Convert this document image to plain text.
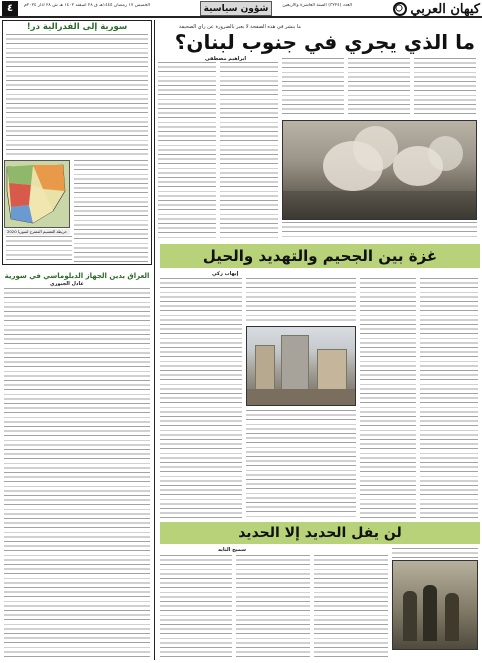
٤	الخميس ١٧ رمضان ١٤٤٥هـ ق ٢٨ اسفند ١٤٠٢ هـ ش ٢٨ آذار ٢٠٢٤م	شؤون سياسية	العدد (٣٢٢٤) السنة العاشرة والأربعين	كيهان العربي
ما ينشر في هذه الصفحة لا يعبر بالضرورة عن رأي الصحيفة
ما الذي يجري في جنوب لبنان؟
ابراهيم مصطفى
سورية إلى الفدرالية در!
خريطة التقسيم المقترح لسوريا 2020
العراق بدين الجهاز الدبلوماسي في سورية
عادل الجبوري
غزة بين الجحيم والتهديد والحيل
إيهاب زكي
لن يفل الحديد إلا الحديد
سميح التايه
